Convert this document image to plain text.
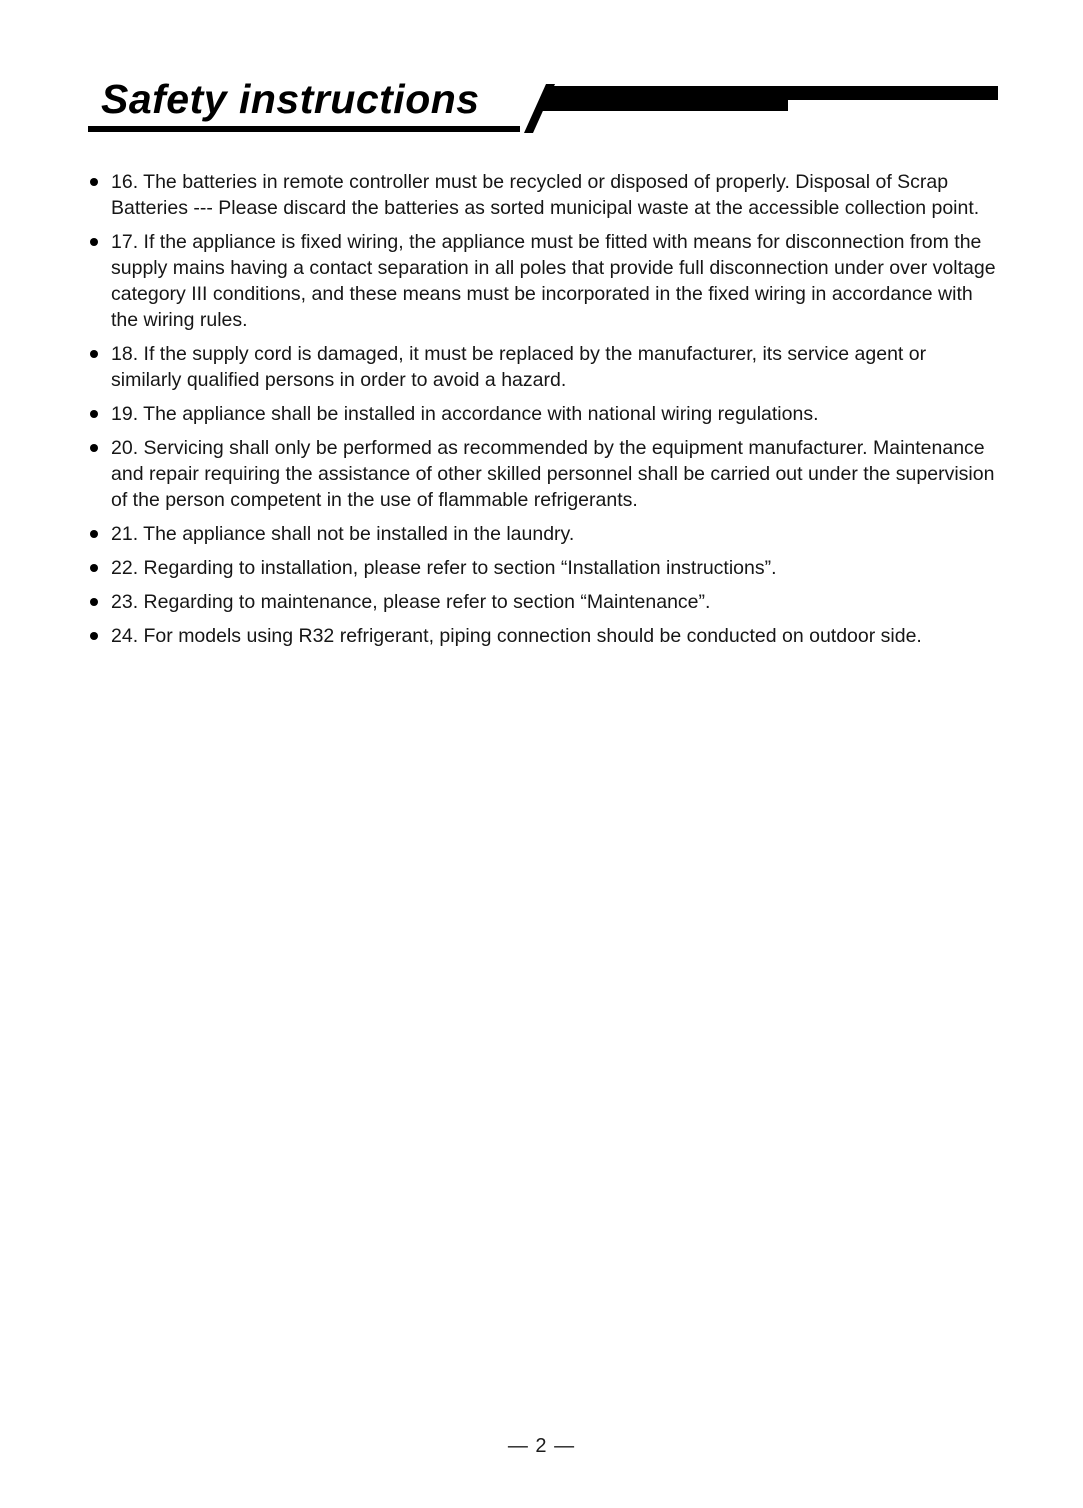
Safety instructions
16. The batteries in remote controller must be recycled or disposed of properly. Disposal of Scrap Batteries --- Please discard the batteries as sorted municipal waste at the accessible collection point.
17. If the appliance is fixed wiring, the appliance must be fitted with means for disconnection from the supply mains having a contact separation in all poles that provide full disconnection under over voltage category III conditions, and these means must be incorporated in the fixed wiring in accordance with the wiring rules.
18. If the supply cord is damaged, it must be replaced by the manufacturer, its service agent or similarly qualified persons in order to avoid a hazard.
19. The appliance shall be installed in accordance with national wiring regulations.
20. Servicing shall only be performed as recommended by the equipment manufacturer. Maintenance and repair requiring the assistance of other skilled personnel shall be carried out under the supervision of the person competent in the use of flammable refrigerants.
21. The appliance shall not be installed in the laundry.
22. Regarding to installation, please refer to section “Installation instructions”.
23. Regarding to maintenance, please refer to section “Maintenance”.
24. For models using R32 refrigerant, piping connection should be conducted on outdoor side.
— 2 —
